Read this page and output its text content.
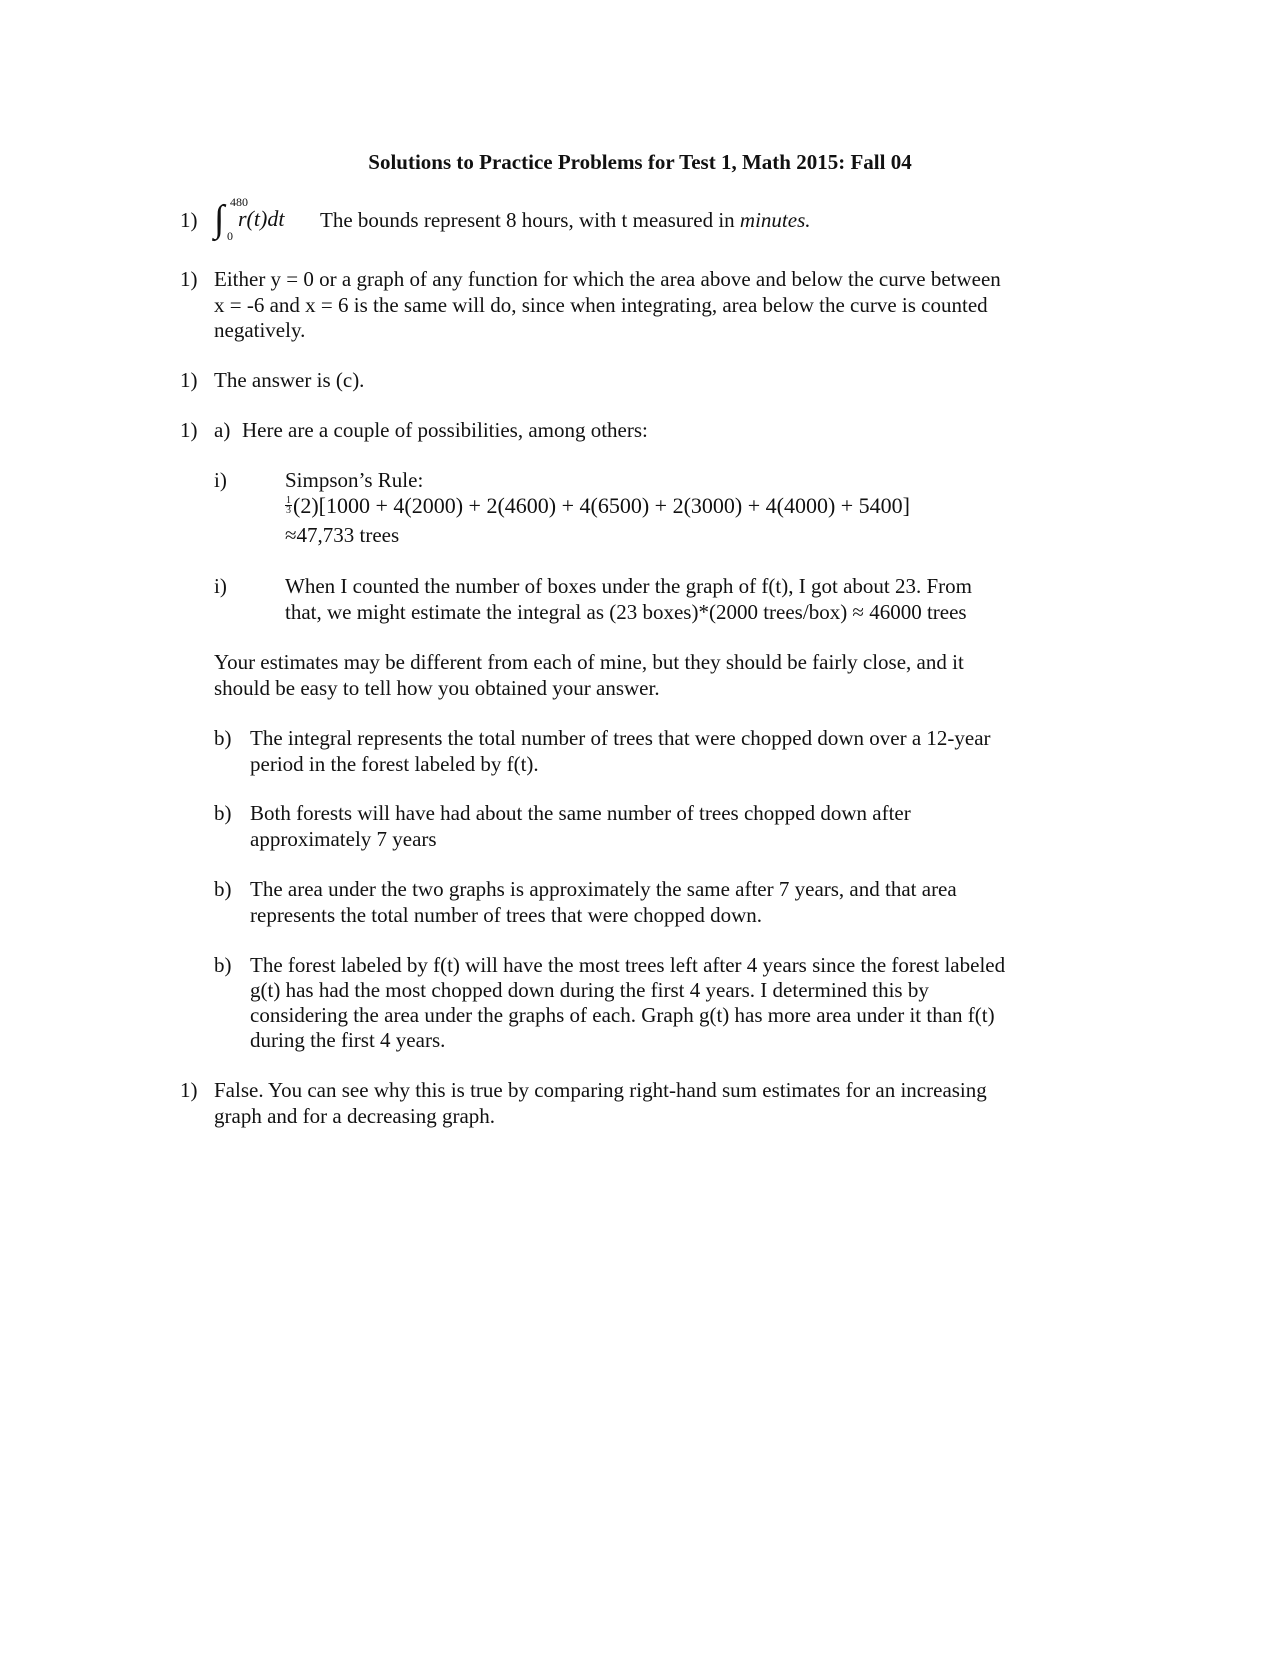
Solutions to Practice Problems for Test 1, Math 2015: Fall 04
1) ∫ 480
0
r(t)dt The bounds represent 8 hours, with t measured in minutes.
1) Either y = 0 or a graph of any function for which the area above and below the curve between
x = -6 and x = 6 is the same will do, since when integrating, area below the curve is counted
negatively.
1) The answer is (c).
1) a) Here are a couple of possibilities, among others:
i)	Simpson’s Rule:
$\frac{1}{3} (2)[1000 + 4(2000) + 2(4600) + 4(6500) + 2(3000) + 4(4000) + 5400]$
≈47,733 trees
i)	When I counted the number of boxes under the graph of f(t), I got about 23. From
that, we might estimate the integral as (23 boxes)*(2000 trees/box) ≈ 46000 trees
Your estimates may be different from each of mine, but they should be fairly close, and it
should be easy to tell how you obtained your answer.
b) The integral represents the total number of trees that were chopped down over a 12-year
period in the forest labeled by f(t).
b) Both forests will have had about the same number of trees chopped down after
approximately 7 years
b) The area under the two graphs is approximately the same after 7 years, and that area
represents the total number of trees that were chopped down.
b) The forest labeled by f(t) will have the most trees left after 4 years since the forest labeled
g(t) has had the most chopped down during the first 4 years. I determined this by
considering the area under the graphs of each. Graph g(t) has more area under it than f(t)
during the first 4 years.
1) False. You can see why this is true by comparing right-hand sum estimates for an increasing
graph and for a decreasing graph.
